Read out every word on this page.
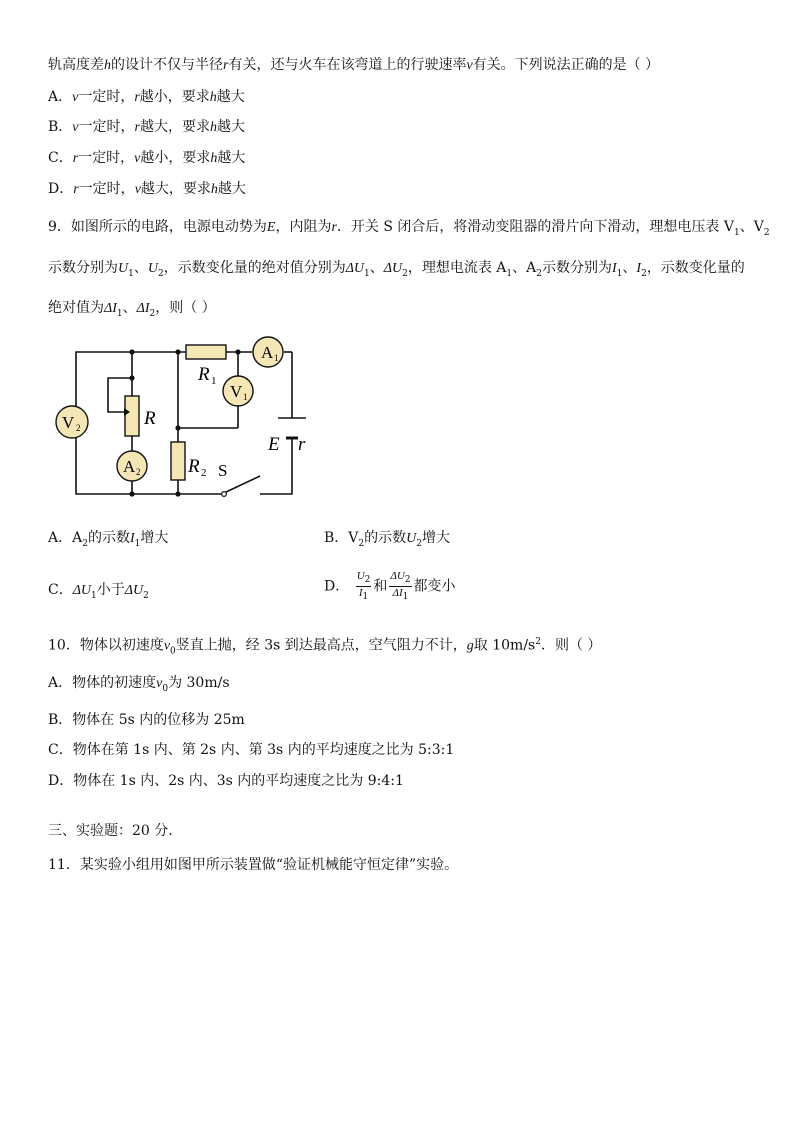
轨高度差h的设计不仅与半径r有关，还与火车在该弯道上的行驶速率v有关。下列说法正确的是（ ）
A．v一定时，r越小，要求h越大
B．v一定时，r越大，要求h越大
C．r一定时，v越小，要求h越大
D．r一定时，v越大，要求h越大
9．如图所示的电路，电源电动势为E，内阻为r．开关 S 闭合后，将滑动变阻器的滑片向下滑动，理想电压表 $V_1$、$V_2$
示数分别为$U_1$、$U_2$，示数变化量的绝对值分别为$\Delta U_1$、$\Delta U_2$，理想电流表 $A_1$、$A_2$示数分别为$I_1$、$I_2$，示数变化量的
绝对值为$\Delta I_1$、$\Delta I_2$，则（ ）
A 1
V 1
V 2
A 2
R 1
R
R 2
E r
S
A．$A_2$的示数$I_1$增大	B．$V_2$的示数$U_2$增大
C．$\Delta U_1$小于$\Delta U_2$
D． $\frac{U_2}{I_1}$ 和 $\frac{\Delta U_2}{\Delta I_1}$ 都变小
10．物体以初速度$v_0$竖直上抛，经 3s 到达最高点，空气阻力不计，g取 $10m/s^2$．则（ ）
A．物体的初速度$v_0$为 30m/s
B．物体在 5s 内的位移为 25m
C．物体在第 1s 内、第 2s 内、第 3s 内的平均速度之比为 5:3:1
D．物体在 1s 内、2s 内、3s 内的平均速度之比为 9:4:1
三、实验题：20 分.
11．某实验小组用如图甲所示装置做“验证机械能守恒定律”实验。
